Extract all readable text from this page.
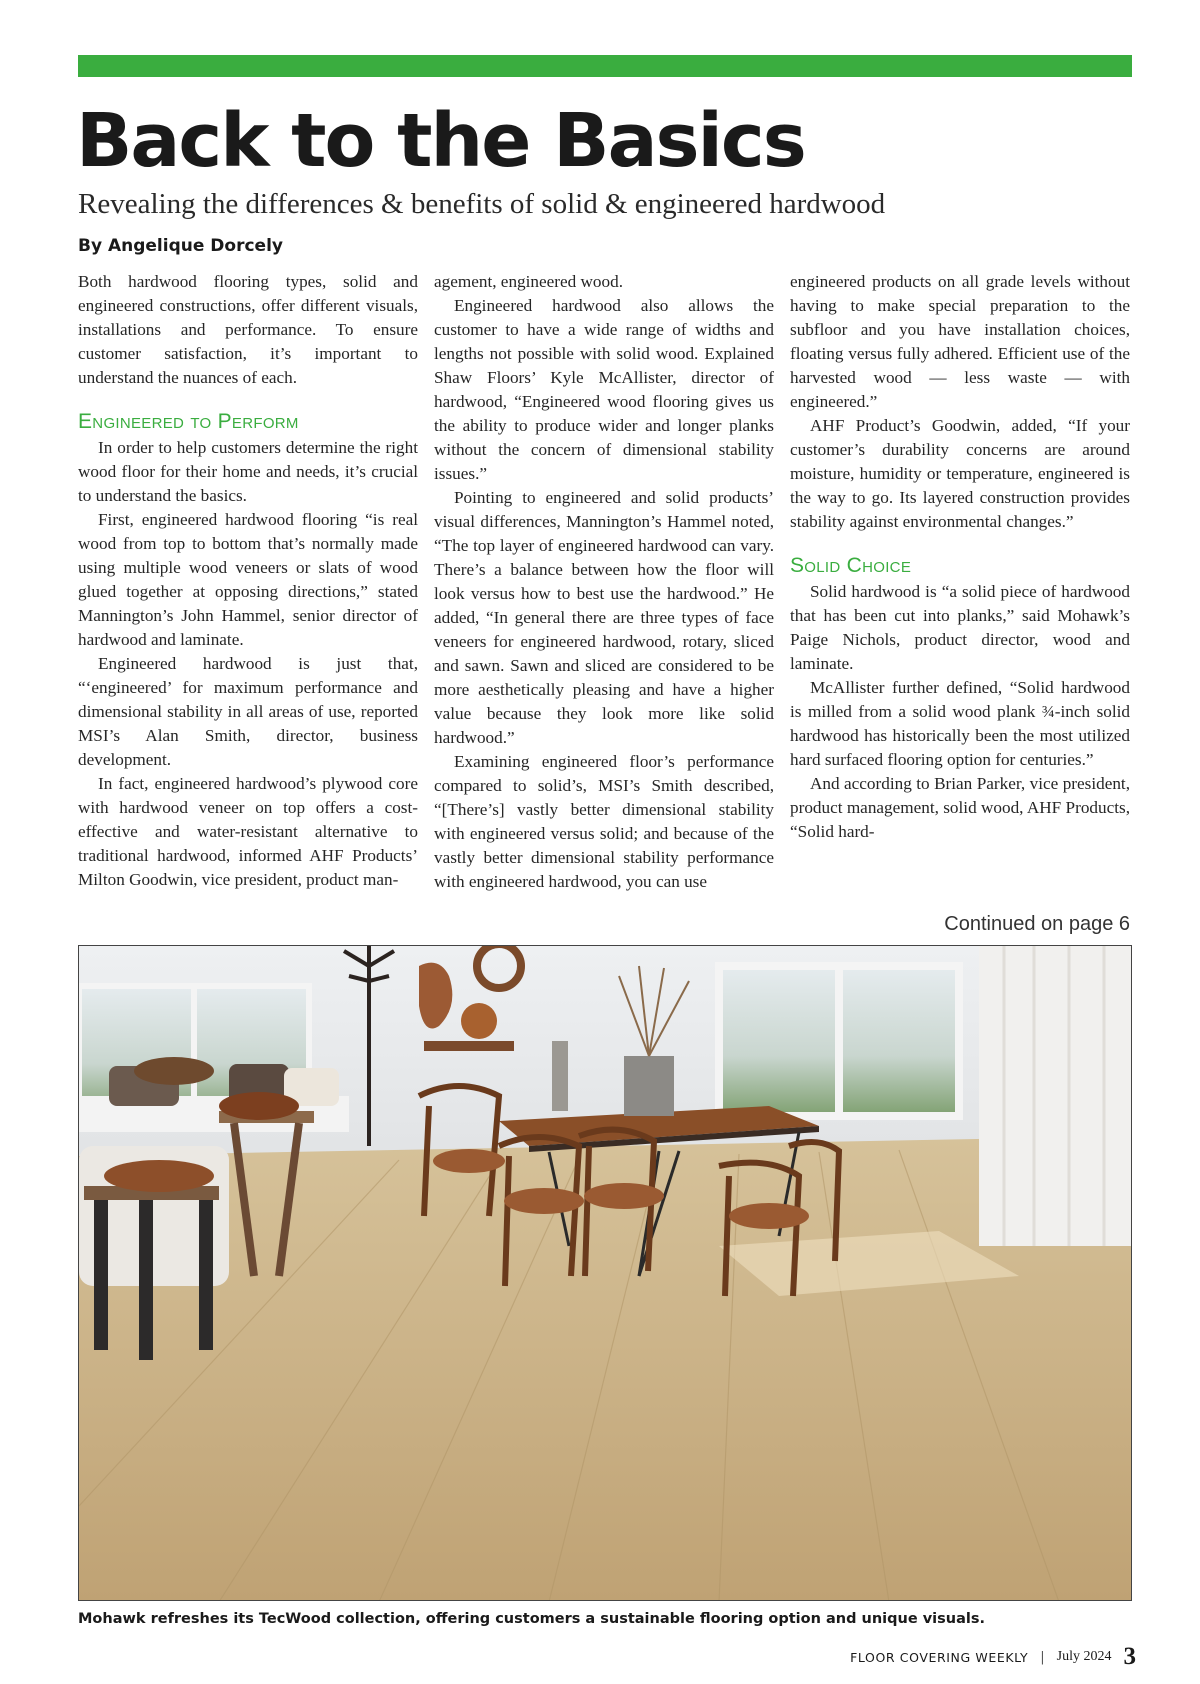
Back to the Basics
Revealing the differences & benefits of solid & engineered hardwood
By Angelique Dorcely

Both hardwood flooring types, solid and engineered constructions, offer different visuals, installations and performance. To ensure customer satisfaction, it’s important to understand the nuances of each.

Engineered to Perform

In order to help customers determine the right wood floor for their home and needs, it’s crucial to understand the basics.

First, engineered hardwood flooring “is real wood from top to bottom that’s normally made using multiple wood veneers or slats of wood glued together at opposing directions,” stated Mannington’s John Hammel, senior director of hardwood and laminate.

Engineered hardwood is just that, “‘engineered’ for maximum performance and dimensional stability in all areas of use, reported MSI’s Alan Smith, director, business development.

In fact, engineered hardwood’s plywood core with hardwood veneer on top offers a cost-effective and water-resistant alternative to traditional hardwood, informed AHF Products’ Milton Goodwin, vice president, product man-

agement, engineered wood.

Engineered hardwood also allows the customer to have a wide range of widths and lengths not possible with solid wood. Explained Shaw Floors’ Kyle McAllister, director of hardwood, “Engineered wood flooring gives us the ability to produce wider and longer planks without the concern of dimensional stability issues.”

Pointing to engineered and solid products’ visual differences, Mannington’s Hammel noted, “The top layer of engineered hardwood can vary. There’s a balance between how the floor will look versus how to best use the hardwood.” He added, “In general there are three types of face veneers for engineered hardwood, rotary, sliced and sawn. Sawn and sliced are considered to be more aesthetically pleasing and have a higher value because they look more like solid hardwood.”

Examining engineered floor’s performance compared to solid’s, MSI’s Smith described, “[There’s] vastly better dimensional stability with engineered versus solid; and because of the vastly better dimensional stability performance with engineered hardwood, you can use

engineered products on all grade levels without having to make special preparation to the subfloor and you have installation choices, floating versus fully adhered. Efficient use of the harvested wood — less waste — with engineered.”

AHF Product’s Goodwin, added, “If your customer’s durability concerns are around moisture, humidity or temperature, engineered is the way to go. Its layered construction provides stability against environmental changes.”

Solid Choice

Solid hardwood is “a solid piece of hardwood that has been cut into planks,” said Mohawk’s Paige Nichols, product director, wood and laminate.

McAllister further defined, “Solid hardwood is milled from a solid wood plank ¾-inch solid hardwood has historically been the most utilized hard surfaced flooring option for centuries.”

And according to Brian Parker, vice president, product management, solid wood, AHF Products, “Solid hard-

Continued on page 6
Mohawk refreshes its TecWood collection, offering customers a sustainable flooring option and unique visuals.
FLOOR COVERING WEEKLY | July 2024 3
